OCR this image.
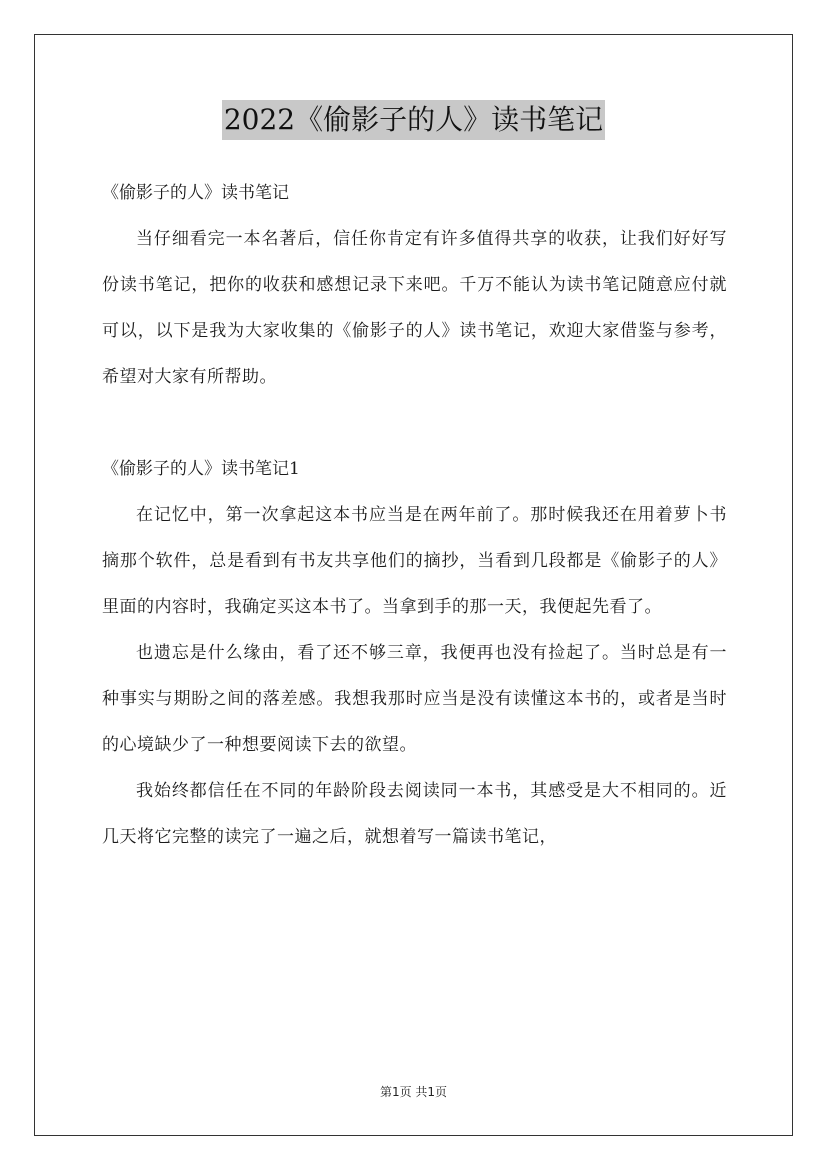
2022《偷影子的人》读书笔记

《偷影子的人》读书笔记

当仔细看完一本名著后，信任你肯定有许多值得共享的收获，让我们好好写份读书笔记，把你的收获和感想记录下来吧。千万不能认为读书笔记随意应付就可以，以下是我为大家收集的《偷影子的人》读书笔记，欢迎大家借鉴与参考，希望对大家有所帮助。

《偷影子的人》读书笔记1

在记忆中，第一次拿起这本书应当是在两年前了。那时候我还在用着萝卜书摘那个软件，总是看到有书友共享他们的摘抄，当看到几段都是《偷影子的人》里面的内容时，我确定买这本书了。当拿到手的那一天，我便起先看了。

也遗忘是什么缘由，看了还不够三章，我便再也没有捡起了。当时总是有一种事实与期盼之间的落差感。我想我那时应当是没有读懂这本书的，或者是当时的心境缺少了一种想要阅读下去的欲望。

我始终都信任在不同的年龄阶段去阅读同一本书，其感受是大不相同的。近几天将它完整的读完了一遍之后，就想着写一篇读书笔记，

第1页 共1页
